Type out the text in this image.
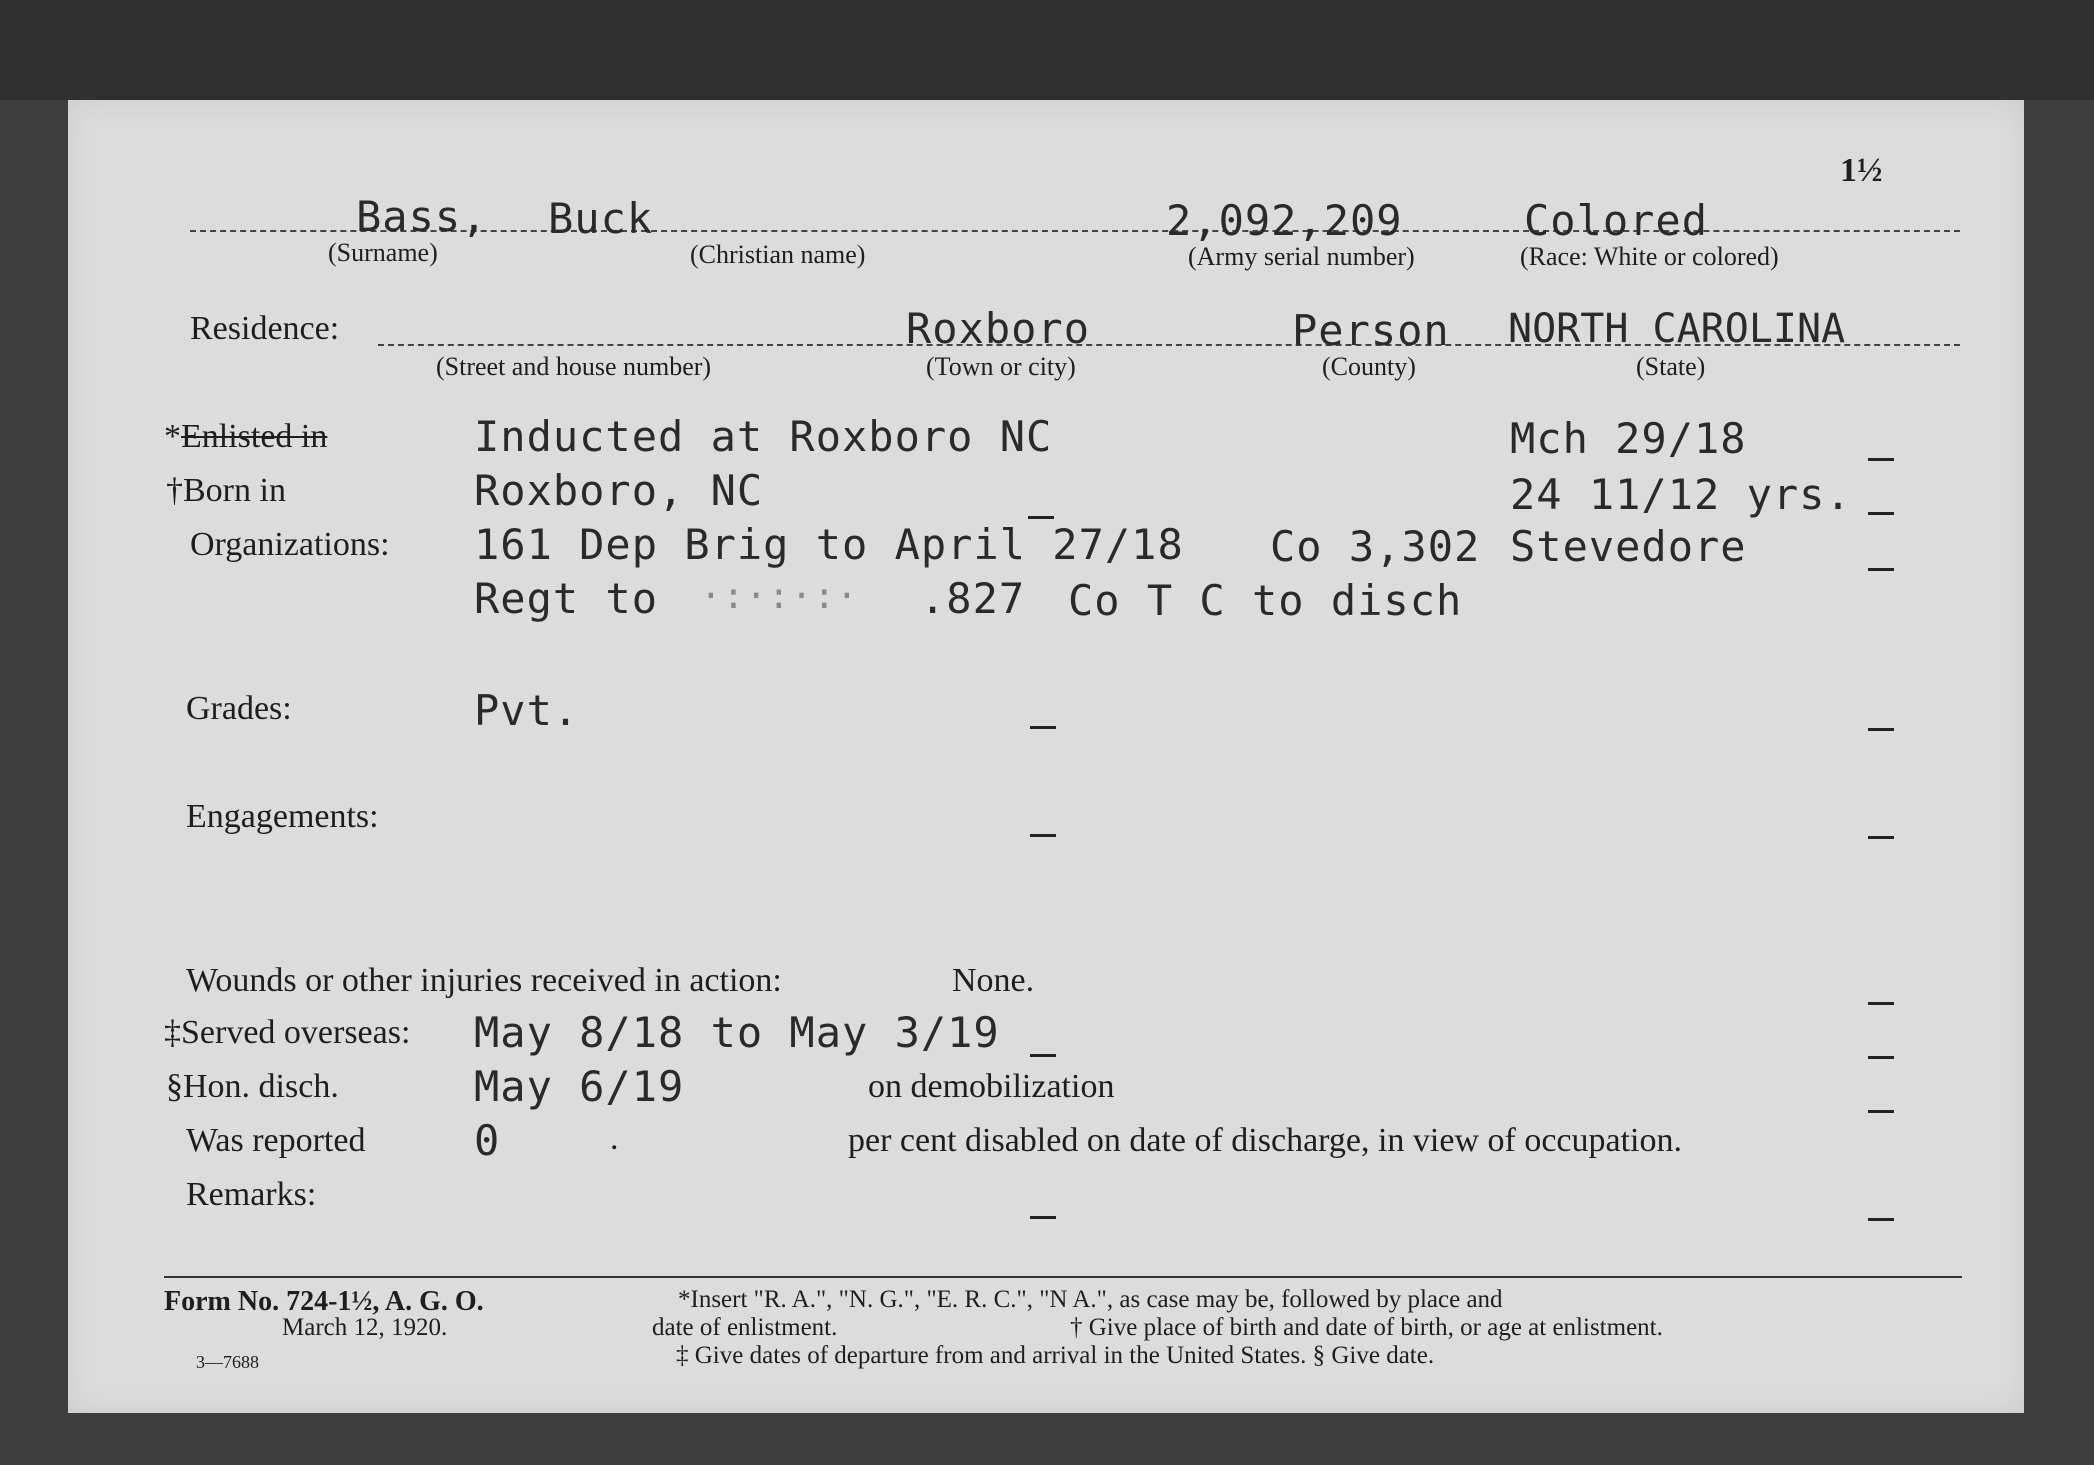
1½
Bass, Buck	2,092,209	Colored
(Surname)	(Christian name)	(Army serial number)	(Race: White or colored)
Residence:	Roxboro	Person NORTH CAROLINA
(Street and house number)	(Town or city)	(County)	(State)
*Enlisted in	Inducted at Roxboro NC	Mch 29/18
†Born in	Roxboro, NC	24 11/12 yrs.
Organizations: 161 Dep Brig to April 27/18 Co 3,302 Stevedore
Regt to ·:·:·:· .827 Co T C to disch
Grades:	Pvt.
Engagements:
Wounds or other injuries received in action:	None.
‡Served overseas: May 8/18 to May 3/19
§Hon. disch.	May 6/19	on demobilization
Was reported	0	.	per cent disabled on date of discharge, in view of occupation.
Remarks:
Form No. 724-1½, A. G. O.
March 12, 1920.
3—7688
*Insert "R. A.", "N. G.", "E. R. C.", "N A.", as case may be, followed by place and
date of enlistment.	† Give place of birth and date of birth, or age at enlistment.
‡ Give dates of departure from and arrival in the United States. § Give date.
